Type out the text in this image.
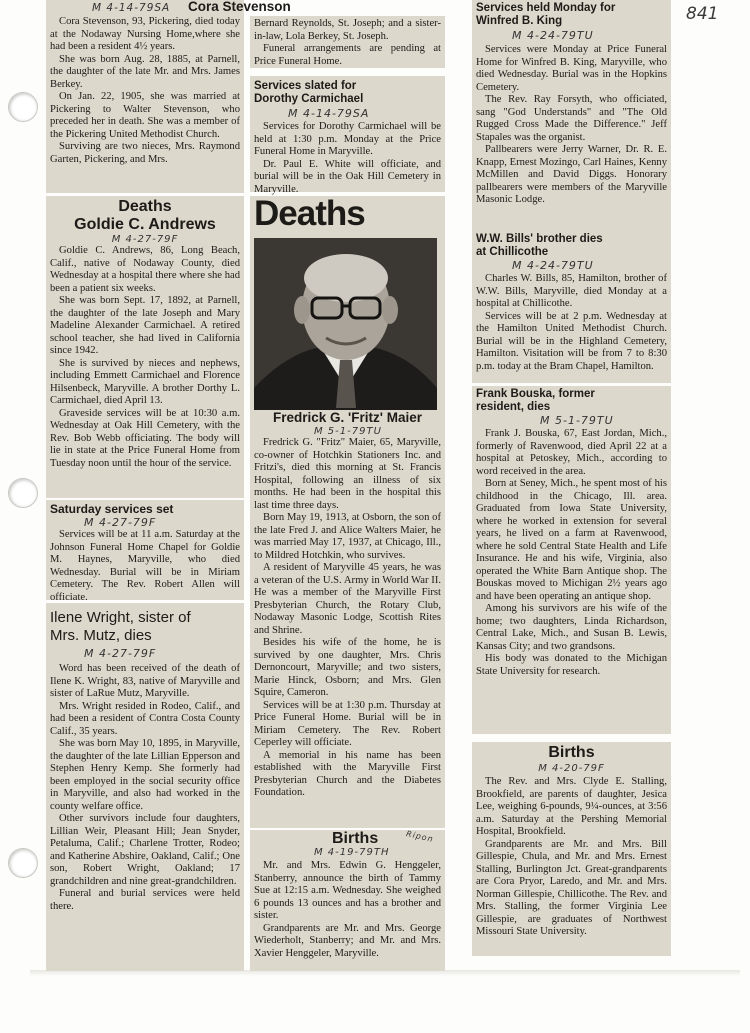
841
M 4-14-79SA Cora Stevenson

Cora Stevenson, 93, Pickering, died today at the Nodaway Nursing Home,where she had been a resident 4½ years.

She was born Aug. 28, 1885, at Parnell, the daughter of the late Mr. and Mrs. James Berkey.

On Jan. 22, 1905, she was married at Pickering to Walter Stevenson, who preceded her in death. She was a member of the Pickering United Methodist Church.

Surviving are two nieces, Mrs. Raymond Garten, Pickering, and Mrs.

Bernard Reynolds, St. Joseph; and a sister-in-law, Lola Berkey, St. Joseph.

Funeral arrangements are pending at Price Funeral Home.

Services slated for Dorothy Carmichael
M 4-14-79SA

Services for Dorothy Carmichael will be held at 1:30 p.m. Monday at the Price Funeral Home in Maryville.

Dr. Paul E. White will officiate, and burial will be in the Oak Hill Cemetery in Maryville.

Services held Monday for Winfred B. King
M 4-24-79TU

Services were Monday at Price Funeral Home for Winfred B. King, Maryville, who died Wednesday. Burial was in the Hopkins Cemetery.

The Rev. Ray Forsyth, who officiated, sang "God Understands" and "The Old Rugged Cross Made the Difference." Jeff Stapales was the organist.

Pallbearers were Jerry Warner, Dr. R. E. Knapp, Ernest Mozingo, Carl Haines, Kenny McMillen and David Diggs. Honorary pallbearers were members of the Maryville Masonic Lodge.

Deaths
Goldie C. Andrews
M 4-27-79F

Goldie C. Andrews, 86, Long Beach, Calif., native of Nodaway County, died Wednesday at a hospital there where she had been a patient six weeks.

She was born Sept. 17, 1892, at Parnell, the daughter of the late Joseph and Mary Madeline Alexander Carmichael. A retired school teacher, she had lived in California since 1942.

She is survived by nieces and nephews, including Emmett Carmichael and Florence Hilsenbeck, Maryville. A brother Dorthy L. Carmichael, died April 13.

Graveside services will be at 10:30 a.m. Wednesday at Oak Hill Cemetery, with the Rev. Bob Webb officiating. The body will lie in state at the Price Funeral Home from Tuesday noon until the hour of the service.

Saturday services set
M 4-27-79F

Services will be at 11 a.m. Saturday at the Johnson Funeral Home Chapel for Goldie M. Haynes, Maryville, who died Wednesday. Burial will be in Miriam Cemetery. The Rev. Robert Allen will officiate.

Ilene Wright, sister of Mrs. Mutz, dies
M 4-27-79F

Word has been received of the death of Ilene K. Wright, 83, native of Maryville and sister of LaRue Mutz, Maryville.

Mrs. Wright resided in Rodeo, Calif., and had been a resident of Contra Costa County Calif., 35 years.

She was born May 10, 1895, in Maryville, the daughter of the late Lillian Epperson and Stephen Henry Kemp. She formerly had been employed in the social security office in Maryville, and also had worked in the county welfare office.

Other survivors include four daughters, Lillian Weir, Pleasant Hill; Jean Snyder, Petaluma, Calif.; Charlene Trotter, Rodeo; and Katherine Abshire, Oakland, Calif.; One son, Robert Wright, Oakland; 17 grandchildren and nine great-grandchildren.

Funeral and burial services were held there.

Deaths
Fredrick G. 'Fritz' Maier
M 5-1-79TU

Fredrick G. "Fritz" Maier, 65, Maryville, co-owner of Hotchkin Stationers Inc. and Fritzi's, died this morning at St. Francis Hospital, following an illness of six months. He had been in the hospital this last time three days.

Born May 19, 1913, at Osborn, the son of the late Fred J. and Alice Walters Maier, he was married May 17, 1937, at Chicago, Ill., to Mildred Hotchkin, who survives.

A resident of Maryville 45 years, he was a veteran of the U.S. Army in World War II. He was a member of the Maryville First Presbyterian Church, the Rotary Club, Nodaway Masonic Lodge, Scottish Rites and Shrine.

Besides his wife of the home, he is survived by one daughter, Mrs. Chris Dernoncourt, Maryville; and two sisters, Marie Hinck, Osborn; and Mrs. Glen Squire, Cameron.

Services will be at 1:30 p.m. Thursday at Price Funeral Home. Burial will be in Miriam Cemetery. The Rev. Robert Ceperley will officiate.

A memorial in his name has been established with the Maryville First Presbyterian Church and the Diabetes Foundation.

Births	Ripon
M 4-19-79TH

Mr. and Mrs. Edwin G. Henggeler, Stanberry, announce the birth of Tammy Sue at 12:15 a.m. Wednesday. She weighed 6 pounds 13 ounces and has a brother and sister.

Grandparents are Mr. and Mrs. George Wiederholt, Stanberry; and Mr. and Mrs. Xavier Henggeler, Maryville.

W.W. Bills' brother dies at Chillicothe
M 4-24-79TU

Charles W. Bills, 85, Hamilton, brother of W.W. Bills, Maryville, died Monday at a hospital at Chillicothe.

Services will be at 2 p.m. Wednesday at the Hamilton United Methodist Church. Burial will be in the Highland Cemetery, Hamilton. Visitation will be from 7 to 8:30 p.m. today at the Bram Chapel, Hamilton.

Frank Bouska, former resident, dies
M 5-1-79TU

Frank J. Bouska, 67, East Jordan, Mich., formerly of Ravenwood, died April 22 at a hospital at Petoskey, Mich., according to word received in the area.

Born at Seney, Mich., he spent most of his childhood in the Chicago, Ill. area. Graduated from Iowa State University, where he worked in extension for several years, he lived on a farm at Ravenwood, where he sold Central State Health and Life Insurance. He and his wife, Virginia, also operated the White Barn Antique shop. The Bouskas moved to Michigan 2½ years ago and have been operating an antique shop.

Among his survivors are his wife of the home; two daughters, Linda Richardson, Central Lake, Mich., and Susan B. Lewis, Kansas City; and two grandsons.

His body was donated to the Michigan State University for research.

Births
M 4-20-79F

The Rev. and Mrs. Clyde E. Stalling, Brookfield, are parents of daughter, Jesica Lee, weighing 6-pounds, 9¼-ounces, at 3:56 a.m. Saturday at the Pershing Memorial Hospital, Brookfield.

Grandparents are Mr. and Mrs. Bill Gillespie, Chula, and Mr. and Mrs. Ernest Stalling, Burlington Jct. Great-grandparents are Cora Pryor, Laredo, and Mr. and Mrs. Norman Gillespie, Chillicothe. The Rev. and Mrs. Stalling, the former Virginia Lee Gillespie, are graduates of Northwest Missouri State University.
